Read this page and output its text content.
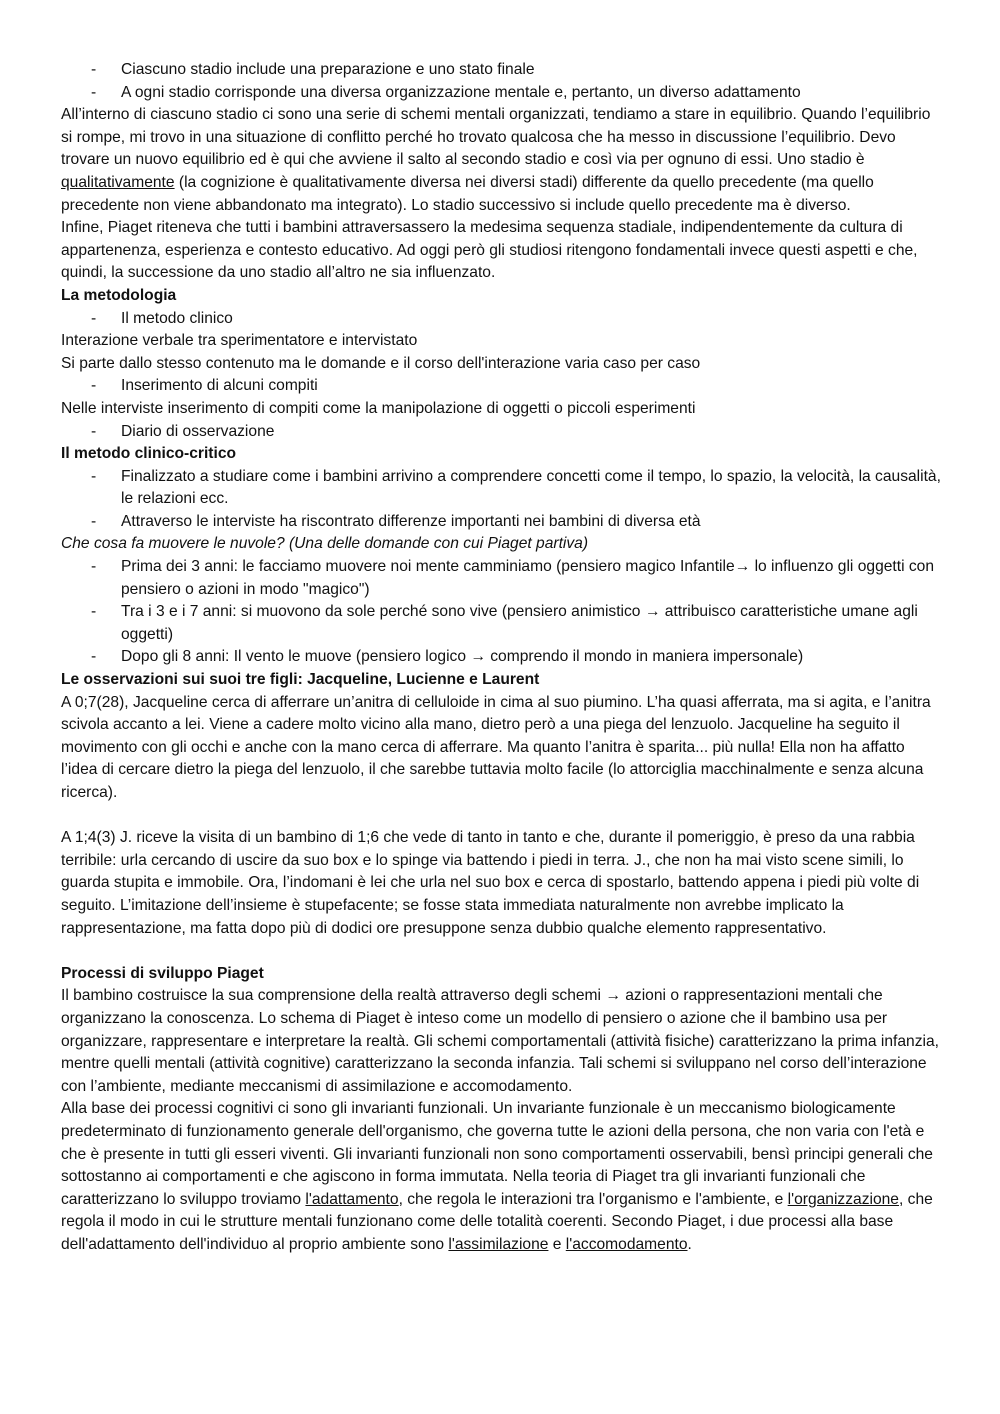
- Ciascuno stadio include una preparazione e uno stato finale
- A ogni stadio corrisponde una diversa organizzazione mentale e, pertanto, un diverso adattamento

All’interno di ciascuno stadio ci sono una serie di schemi mentali organizzati, tendiamo a stare in equilibrio. Quando l’equilibrio si rompe, mi trovo in una situazione di conflitto perché ho trovato qualcosa che ha messo in discussione l’equilibrio. Devo trovare un nuovo equilibrio ed è qui che avviene il salto al secondo stadio e così via per ognuno di essi. Uno stadio è qualitativamente (la cognizione è qualitativamente diversa nei diversi stadi) differente da quello precedente (ma quello precedente non viene abbandonato ma integrato). Lo stadio successivo si include quello precedente ma è diverso.

Infine, Piaget riteneva che tutti i bambini attraversassero la medesima sequenza stadiale, indipendentemente da cultura di appartenenza, esperienza e contesto educativo. Ad oggi però gli studiosi ritengono fondamentali invece questi aspetti e che, quindi, la successione da uno stadio all’altro ne sia influenzato.

La metodologia

- Il metodo clinico

Interazione verbale tra sperimentatore e intervistato

Si parte dallo stesso contenuto ma le domande e il corso dell'interazione varia caso per caso

- Inserimento di alcuni compiti

Nelle interviste inserimento di compiti come la manipolazione di oggetti o piccoli esperimenti

- Diario di osservazione

Il metodo clinico-critico

- Finalizzato a studiare come i bambini arrivino a comprendere concetti come il tempo, lo spazio, la velocità, la causalità, le relazioni ecc.
- Attraverso le interviste ha riscontrato differenze importanti nei bambini di diversa età

Che cosa fa muovere le nuvole? (Una delle domande con cui Piaget partiva)

- Prima dei 3 anni: le facciamo muovere noi mente camminiamo (pensiero magico Infantile→ lo influenzo gli oggetti con pensiero o azioni in modo "magico")
- Tra i 3 e i 7 anni: si muovono da sole perché sono vive (pensiero animistico → attribuisco caratteristiche umane agli oggetti)
- Dopo gli 8 anni: Il vento le muove (pensiero logico → comprendo il mondo in maniera impersonale)

Le osservazioni sui suoi tre figli: Jacqueline, Lucienne e Laurent

A 0;7(28), Jacqueline cerca di afferrare un’anitra di celluloide in cima al suo piumino. L’ha quasi afferrata, ma si agita, e l’anitra scivola accanto a lei. Viene a cadere molto vicino alla mano, dietro però a una piega del lenzuolo. Jacqueline ha seguito il movimento con gli occhi e anche con la mano cerca di afferrare. Ma quanto l’anitra è sparita... più nulla! Ella non ha affatto l’idea di cercare dietro la piega del lenzuolo, il che sarebbe tuttavia molto facile (lo attorciglia macchinalmente e senza alcuna ricerca).

A 1;4(3) J. riceve la visita di un bambino di 1;6 che vede di tanto in tanto e che, durante il pomeriggio, è preso da una rabbia terribile: urla cercando di uscire da suo box e lo spinge via battendo i piedi in terra. J., che non ha mai visto scene simili, lo guarda stupita e immobile. Ora, l’indomani è lei che urla nel suo box e cerca di spostarlo, battendo appena i piedi più volte di seguito. L’imitazione dell’insieme è stupefacente; se fosse stata immediata naturalmente non avrebbe implicato la rappresentazione, ma fatta dopo più di dodici ore presuppone senza dubbio qualche elemento rappresentativo.

Processi di sviluppo Piaget

Il bambino costruisce la sua comprensione della realtà attraverso degli schemi → azioni o rappresentazioni mentali che organizzano la conoscenza. Lo schema di Piaget è inteso come un modello di pensiero o azione che il bambino usa per organizzare, rappresentare e interpretare la realtà. Gli schemi comportamentali (attività fisiche) caratterizzano la prima infanzia, mentre quelli mentali (attività cognitive) caratterizzano la seconda infanzia. Tali schemi si sviluppano nel corso dell’interazione con l’ambiente, mediante meccanismi di assimilazione e accomodamento.

Alla base dei processi cognitivi ci sono gli invarianti funzionali. Un invariante funzionale è un meccanismo biologicamente predeterminato di funzionamento generale dell'organismo, che governa tutte le azioni della persona, che non varia con l'età e che è presente in tutti gli esseri viventi. Gli invarianti funzionali non sono comportamenti osservabili, bensì principi generali che sottostanno ai comportamenti e che agiscono in forma immutata. Nella teoria di Piaget tra gli invarianti funzionali che caratterizzano lo sviluppo troviamo l'adattamento, che regola le interazioni tra l'organismo e l'ambiente, e l'organizzazione, che regola il modo in cui le strutture mentali funzionano come delle totalità coerenti. Secondo Piaget, i due processi alla base dell'adattamento dell'individuo al proprio ambiente sono l'assimilazione e l'accomodamento.
